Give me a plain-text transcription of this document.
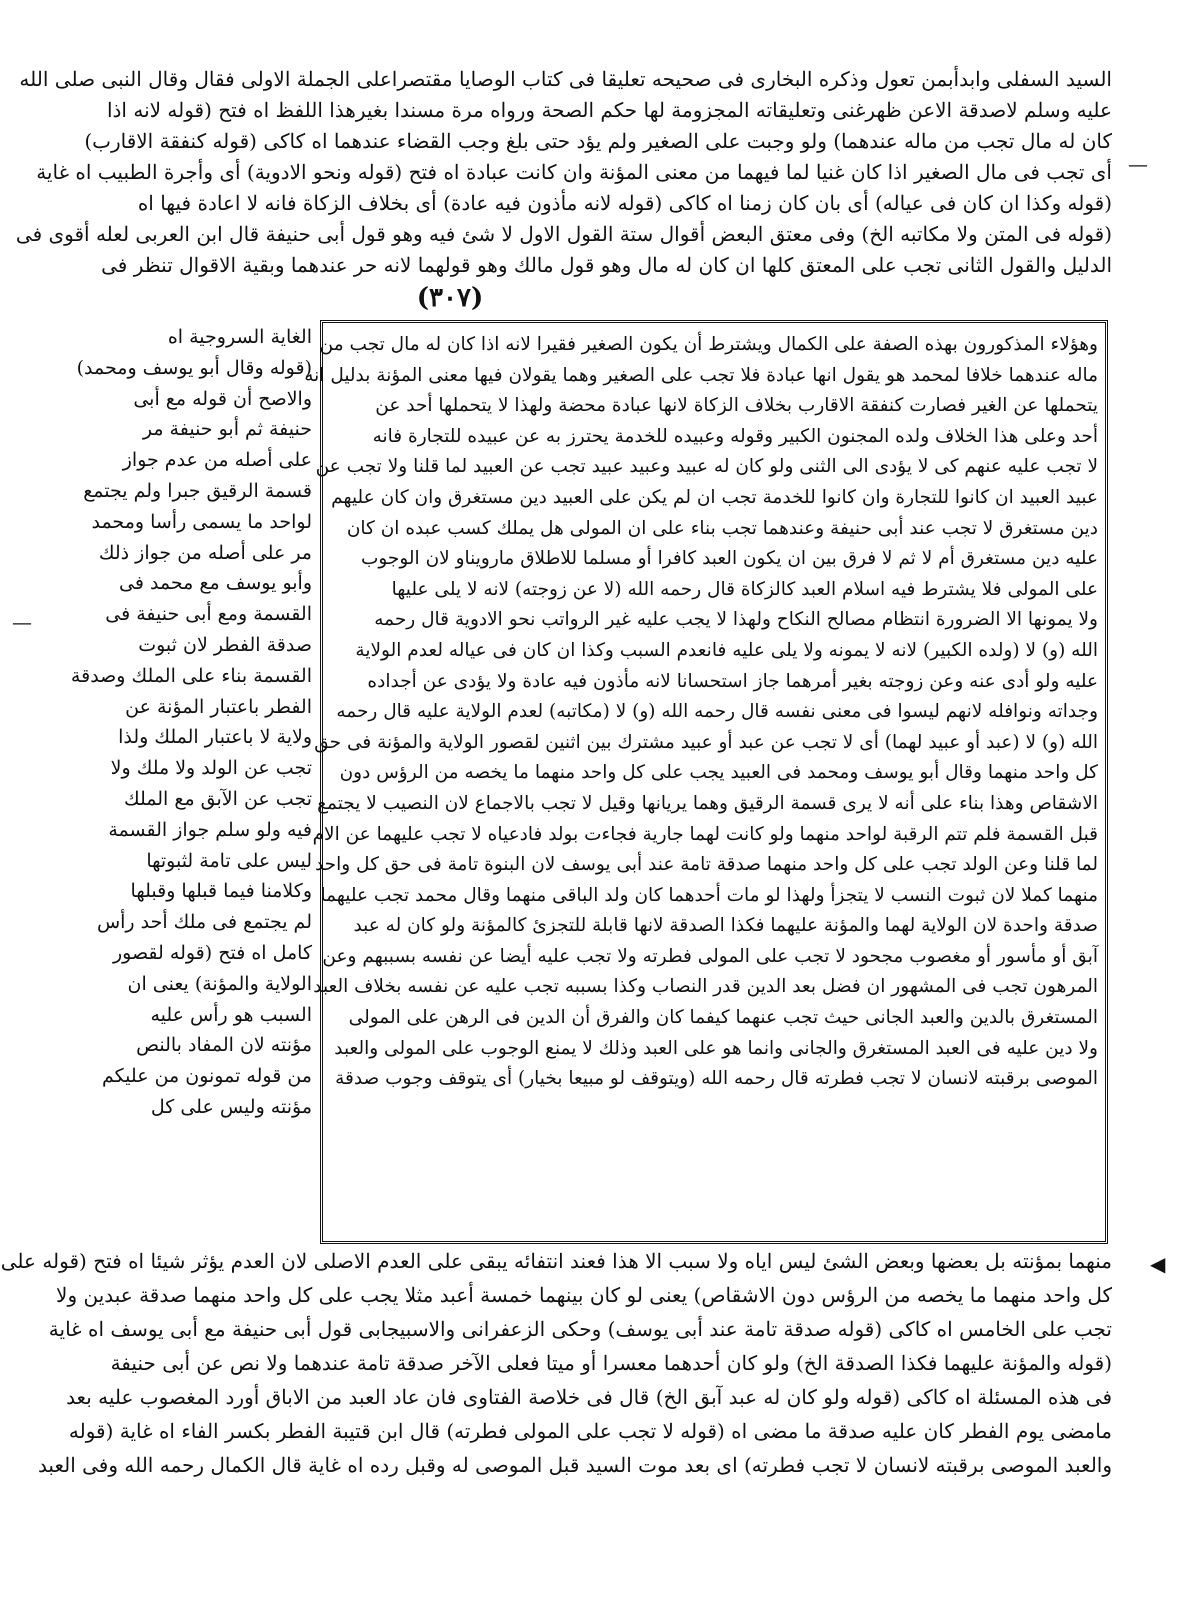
السيد السفلى وابدأبمن تعول وذكره البخارى فى صحيحه تعليقا فى كتاب الوصايا مقتصراعلى الجملة الاولى فقال وقال النبى صلى الله
عليه وسلم لاصدقة الاعن ظهرغنى وتعليقاته المجزومة لها حكم الصحة ورواه مرة مسندا بغيرهذا اللفظ اه فتح (قوله لانه اذا
كان له مال تجب من ماله عندهما) ولو وجبت على الصغير ولم يؤد حتى بلغ وجب القضاء عندهما اه كاكى (قوله كنفقة الاقارب)
أى تجب فى مال الصغير اذا كان غنيا لما فيهما من معنى المؤنة وان كانت عبادة اه فتح (قوله ونحو الادوية) أى وأجرة الطبيب اه غاية
(قوله وكذا ان كان فى عياله) أى بان كان زمنا اه كاكى (قوله لانه مأذون فيه عادة) أى بخلاف الزكاة فانه لا اعادة فيها اه
(قوله فى المتن ولا مكاتبه الخ) وفى معتق البعض أقوال ستة القول الاول لا شئ فيه وهو قول أبى حنيفة قال ابن العربى لعله أقوى فى
الدليل والقول الثانى تجب على المعتق كلها ان كان له مال وهو قول مالك وهو قولهما لانه حر عندهما وبقية الاقوال تنظر فى
(٣٠٧)
وهؤلاء المذكورون بهذه الصفة على الكمال ويشترط أن يكون الصغير فقيرا لانه اذا كان له مال تجب من
ماله عندهما خلافا لمحمد هو يقول انها عبادة فلا تجب على الصغير وهما يقولان فيها معنى المؤنة بدليل انه
يتحملها عن الغير فصارت كنفقة الاقارب بخلاف الزكاة لانها عبادة محضة ولهذا لا يتحملها أحد عن
أحد وعلى هذا الخلاف ولده المجنون الكبير وقوله وعبيده للخدمة يحترز به عن عبيده للتجارة فانه
لا تجب عليه عنهم كى لا يؤدى الى الثنى ولو كان له عبيد وعبيد عبيد تجب عن العبيد لما قلنا ولا تجب عن
عبيد العبيد ان كانوا للتجارة وان كانوا للخدمة تجب ان لم يكن على العبيد دين مستغرق وان كان عليهم
دين مستغرق لا تجب عند أبى حنيفة وعندهما تجب بناء على ان المولى هل يملك كسب عبده ان كان
عليه دين مستغرق أم لا ثم لا فرق بين ان يكون العبد كافرا أو مسلما للاطلاق مارويناو لان الوجوب
على المولى فلا يشترط فيه اسلام العبد كالزكاة قال رحمه الله (لا عن زوجته) لانه لا يلى عليها
ولا يمونها الا الضرورة انتظام مصالح النكاح ولهذا لا يجب عليه غير الرواتب نحو الادوية قال رحمه
الله (و) لا (ولده الكبير) لانه لا يمونه ولا يلى عليه فانعدم السبب وكذا ان كان فى عياله لعدم الولاية
عليه ولو أدى عنه وعن زوجته بغير أمرهما جاز استحسانا لانه مأذون فيه عادة ولا يؤدى عن أجداده
وجداته ونوافله لانهم ليسوا فى معنى نفسه قال رحمه الله (و) لا (مكاتبه) لعدم الولاية عليه قال رحمه
الله (و) لا (عبد أو عبيد لهما) أى لا تجب عن عبد أو عبيد مشترك بين اثنين لقصور الولاية والمؤنة فى حق
كل واحد منهما وقال أبو يوسف ومحمد فى العبيد يجب على كل واحد منهما ما يخصه من الرؤس دون
الاشقاص وهذا بناء على أنه لا يرى قسمة الرقيق وهما يريانها وقيل لا تجب بالاجماع لان النصيب لا يجتمع
قبل القسمة فلم تتم الرقبة لواحد منهما ولو كانت لهما جارية فجاءت بولد فادعياه لا تجب عليهما عن الام
لما قلنا وعن الولد تجب على كل واحد منهما صدقة تامة عند أبى يوسف لان البنوة تامة فى حق كل واحد
منهما كملا لان ثبوت النسب لا يتجزأ ولهذا لو مات أحدهما كان ولد الباقى منهما وقال محمد تجب عليهما
صدقة واحدة لان الولاية لهما والمؤنة عليهما فكذا الصدقة لانها قابلة للتجزئ كالمؤنة ولو كان له عبد
آبق أو مأسور أو مغصوب مجحود لا تجب على المولى فطرته ولا تجب عليه أيضا عن نفسه بسببهم وعن
المرهون تجب فى المشهور ان فضل بعد الدين قدر النصاب وكذا بسببه تجب عليه عن نفسه بخلاف العبد
المستغرق بالدين والعبد الجانى حيث تجب عنهما كيفما كان والفرق أن الدين فى الرهن على المولى
ولا دين عليه فى العبد المستغرق والجانى وانما هو على العبد وذلك لا يمنع الوجوب على المولى والعبد
الموصى برقبته لانسان لا تجب فطرته قال رحمه الله (ويتوقف لو مبيعا بخيار) أى يتوقف وجوب صدقة
الغاية السروجية اه
(قوله وقال أبو يوسف ومحمد)
والاصح أن قوله مع أبى
حنيفة ثم أبو حنيفة مر
على أصله من عدم جواز
قسمة الرقيق جبرا ولم يجتمع
لواحد ما يسمى رأسا ومحمد
مر على أصله من جواز ذلك
وأبو يوسف مع محمد فى
القسمة ومع أبى حنيفة فى
صدقة الفطر لان ثبوت
القسمة بناء على الملك وصدقة
الفطر باعتبار المؤنة عن
ولاية لا باعتبار الملك ولذا
تجب عن الولد ولا ملك ولا
تجب عن الآبق مع الملك
فيه ولو سلم جواز القسمة
ليس على تامة لثبوتها
وكلامنا فيما قبلها وقبلها
لم يجتمع فى ملك أحد رأس
كامل اه فتح (قوله لقصور
الولاية والمؤنة) يعنى ان
السبب هو رأس عليه
مؤنته لان المفاد بالنص
من قوله تمونون من عليكم
مؤنته وليس على كل
منهما بمؤنته بل بعضها وبعض الشئ ليس اياه ولا سبب الا هذا فعند انتفائه يبقى على العدم الاصلى لان العدم يؤثر شيئا اه فتح (قوله على
كل واحد منهما ما يخصه من الرؤس دون الاشقاص) يعنى لو كان بينهما خمسة أعبد مثلا يجب على كل واحد منهما صدقة عبدين ولا
تجب على الخامس اه كاكى (قوله صدقة تامة عند أبى يوسف) وحكى الزعفرانى والاسبيجابى قول أبى حنيفة مع أبى يوسف اه غاية
(قوله والمؤنة عليهما فكذا الصدقة الخ) ولو كان أحدهما معسرا أو ميتا فعلى الآخر صدقة تامة عندهما ولا نص عن أبى حنيفة
فى هذه المسئلة اه كاكى (قوله ولو كان له عبد آبق الخ) قال فى خلاصة الفتاوى فان عاد العبد من الاباق أورد المغصوب عليه بعد
مامضى يوم الفطر كان عليه صدقة ما مضى اه (قوله لا تجب على المولى فطرته) قال ابن قتيبة الفطر بكسر الفاء اه غاية (قوله
والعبد الموصى برقبته لانسان لا تجب فطرته) اى بعد موت السيد قبل الموصى له وقبل رده اه غاية قال الكمال رحمه الله وفى العبد
—
—
◀
